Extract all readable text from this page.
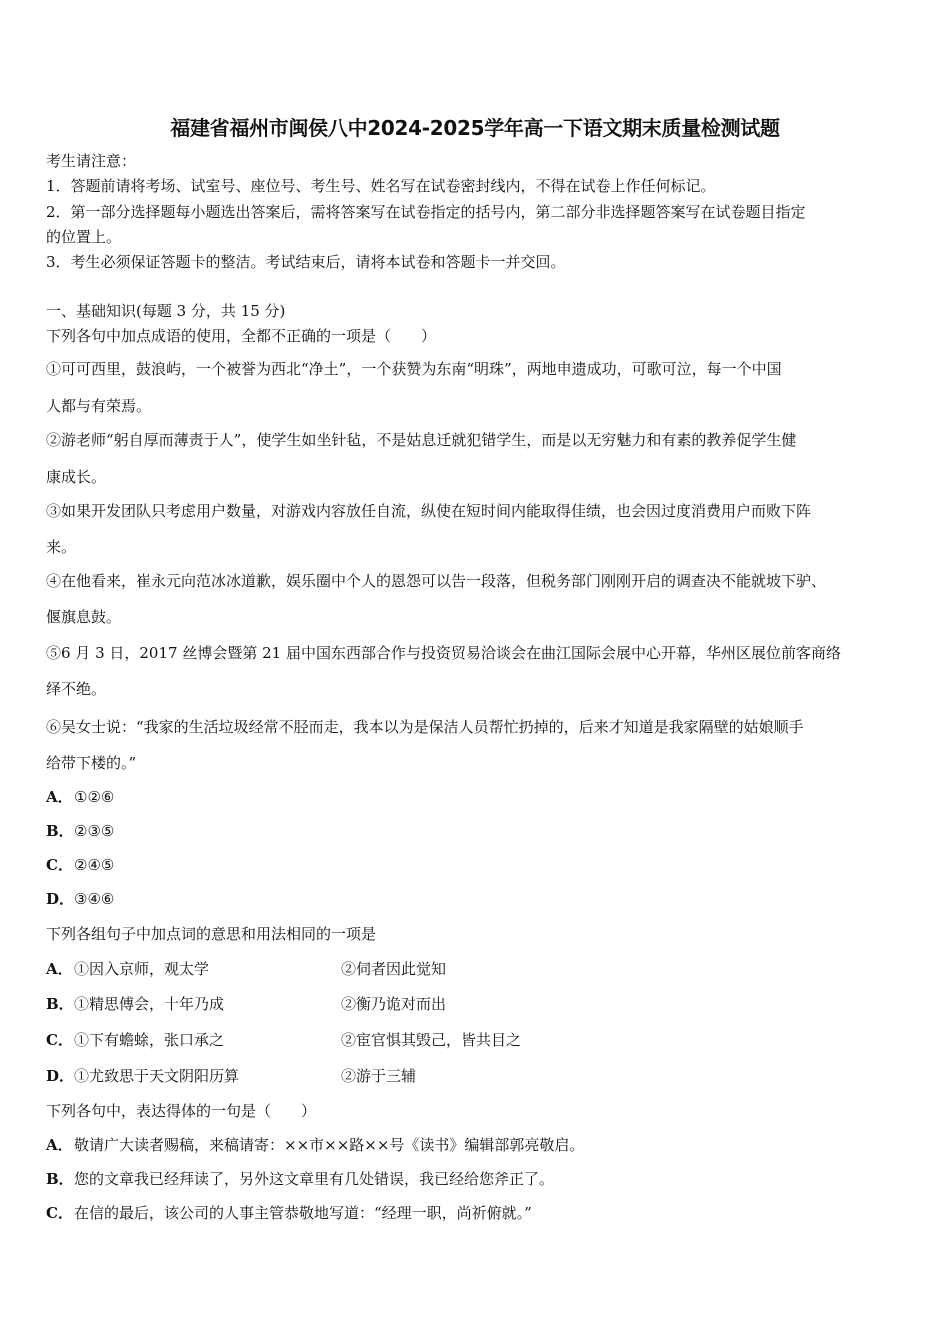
福建省福州市闽侯八中2024-2025学年高一下语文期末质量检测试题
考生请注意：
1．答题前请将考场、试室号、座位号、考生号、姓名写在试卷密封线内，不得在试卷上作任何标记。
2．第一部分选择题每小题选出答案后，需将答案写在试卷指定的括号内，第二部分非选择题答案写在试卷题目指定
的位置上。
3．考生必须保证答题卡的整洁。考试结束后，请将本试卷和答题卡一并交回。
一、基础知识(每题 3 分，共 15 分)
下列各句中加点成语的使用，全都不正确的一项是（　　）
①可可西里，鼓浪屿，一个被誉为西北“净土”，一个获赞为东南“明珠”，两地申遗成功，可歌可泣，每一个中国
人都与有荣焉。
②游老师“躬自厚而薄责于人”，使学生如坐针毡，不是姑息迁就犯错学生，而是以无穷魅力和有素的教养促学生健
康成长。
③如果开发团队只考虑用户数量，对游戏内容放任自流，纵使在短时间内能取得佳绩，也会因过度消费用户而败下阵
来。
④在他看来，崔永元向范冰冰道歉，娱乐圈中个人的恩怨可以告一段落，但税务部门刚刚开启的调查决不能就坡下驴、
偃旗息鼓。
⑤6 月 3 日，2017 丝博会暨第 21 届中国东西部合作与投资贸易洽谈会在曲江国际会展中心开幕，华州区展位前客商络
绎不绝。
⑥吴女士说：“我家的生活垃圾经常不胫而走，我本以为是保洁人员帮忙扔掉的，后来才知道是我家隔壁的姑娘顺手
给带下楼的。”
A．①②⑥
B．②③⑤
C．②④⑤
D．③④⑥
下列各组句子中加点词的意思和用法相同的一项是
A．①因入京师，观太学	②伺者因此觉知
B．①精思傅会，十年乃成	②衡乃诡对而出
C．①下有蟾蜍，张口承之	②宦官惧其毁己，皆共目之
D．①尤致思于天文阴阳历算	②游于三辅
下列各句中，表达得体的一句是（　　）
A．敬请广大读者赐稿，来稿请寄：××市××路××号《读书》编辑部郭亮敬启。
B．您的文章我已经拜读了，另外这文章里有几处错误，我已经给您斧正了。
C．在信的最后，该公司的人事主管恭敬地写道：“经理一职，尚祈俯就。”
